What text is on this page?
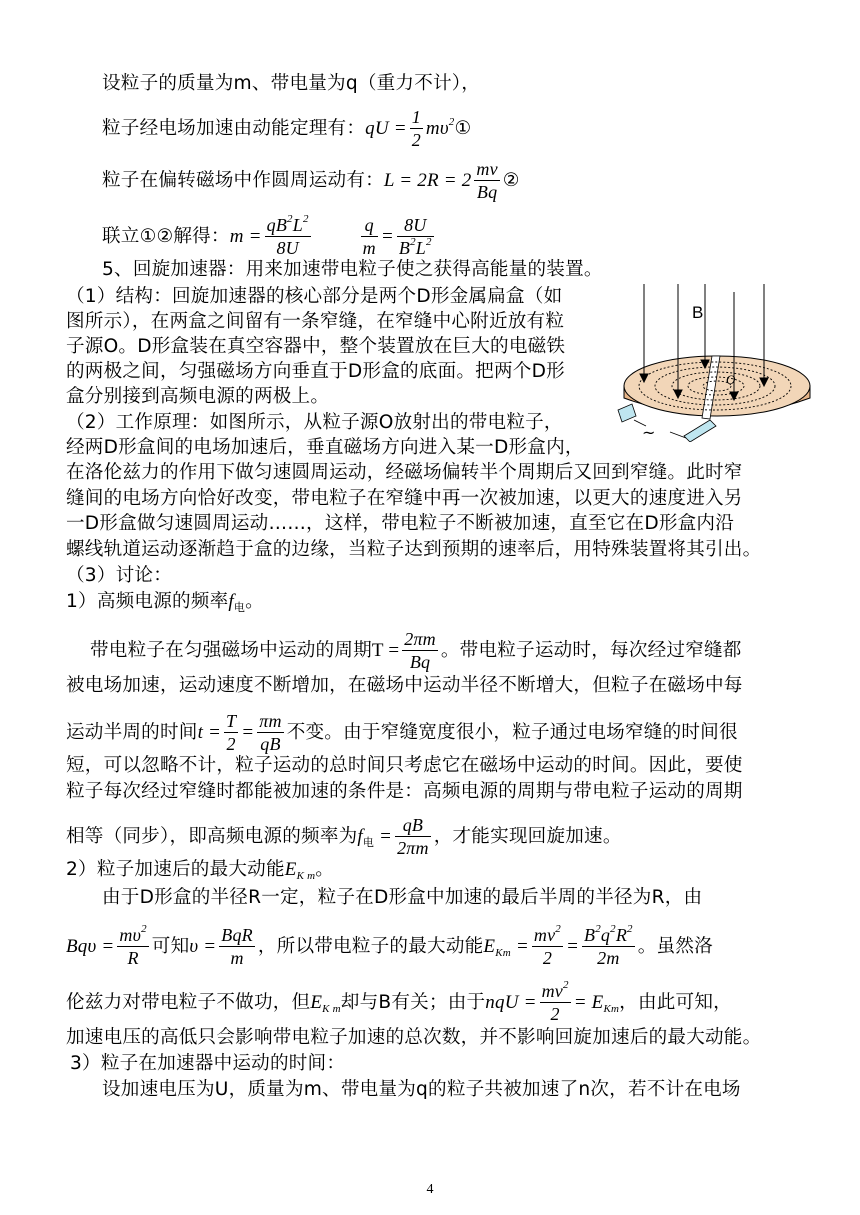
设粒子的质量为m、带电量为q（重力不计），
粒子经电场加速由动能定理有：qU = $\frac{1}{2}$ $m\upsilon^2①$
粒子在偏转磁场中作圆周运动有：$L = 2R = 2 \frac{mv}{Bq}$ ②
联立①②解得：$m = \frac{qB^2L^2}{8U}$	$\frac{q}{m} = \frac{8U}{B^2L^2}$
5、回旋加速器：用来加速带电粒子使之获得高能量的装置。
（1）结构：回旋加速器的核心部分是两个D形金属扁盒（如
图所示），在两盒之间留有一条窄缝，在窄缝中心附近放有粒
子源O。D形盒装在真空容器中，整个装置放在巨大的电磁铁
的两极之间，匀强磁场方向垂直于D形盒的底面。把两个D形
盒分别接到高频电源的两极上。
（2）工作原理：如图所示，从粒子源O放射出的带电粒子，
经两D形盒间的电场加速后，垂直磁场方向进入某一D形盒内，
在洛伦兹力的作用下做匀速圆周运动，经磁场偏转半个周期后又回到窄缝。此时窄
缝间的电场方向恰好改变，带电粒子在窄缝中再一次被加速，以更大的速度进入另
一D形盒做匀速圆周运动……，这样，带电粒子不断被加速，直至它在D形盒内沿
螺线轨道运动逐渐趋于盒的边缘，当粒子达到预期的速率后，用特殊装置将其引出。
（3）讨论：
1）高频电源的频率$f_电$。
带电粒子在匀强磁场中运动的周期$T = \frac{2\pi m}{Bq}$ 。带电粒子运动时，每次经过窄缝都
被电场加速，运动速度不断增加，在磁场中运动半径不断增大，但粒子在磁场中每
运动半周的时间$t = \frac{T}{2} = \frac{\pi m}{qB}$ 不变。由于窄缝宽度很小，粒子通过电场窄缝的时间很
短，可以忽略不计，粒子运动的总时间只考虑它在磁场中运动的时间。因此，要使
粒子每次经过窄缝时都能被加速的条件是：高频电源的周期与带电粒子运动的周期
相等（同步），即高频电源的频率为$f_电 = \frac{qB}{2\pi m}$ ，才能实现回旋加速。
2）粒子加速后的最大动能$E_{K m}$。
由于D形盒的半径R一定，粒子在D形盒中加速的最后半周的半径为R，由
$Bq\upsilon = \frac{m\upsilon^2}{R}$ 可知$\upsilon = \frac{\text{BqR}}{m}$ ，所以带电粒子的最大动能$E_{Km} = \frac{mv^2}{2} = \frac{B^2q^2R^2}{2m}$ 。虽然洛
伦兹力对带电粒子不做功，但$E_{K m}$却与B有关；由于nqU = $\frac{mv^2}{2} = E_{Km}$，由此可知，
加速电压的高低只会影响带电粒子加速的总次数，并不影响回旋加速后的最大动能。
3）粒子在加速器中运动的时间：
设加速电压为U，质量为m、带电量为q的粒子共被加速了n次，若不计在电场
B
O
~
4
